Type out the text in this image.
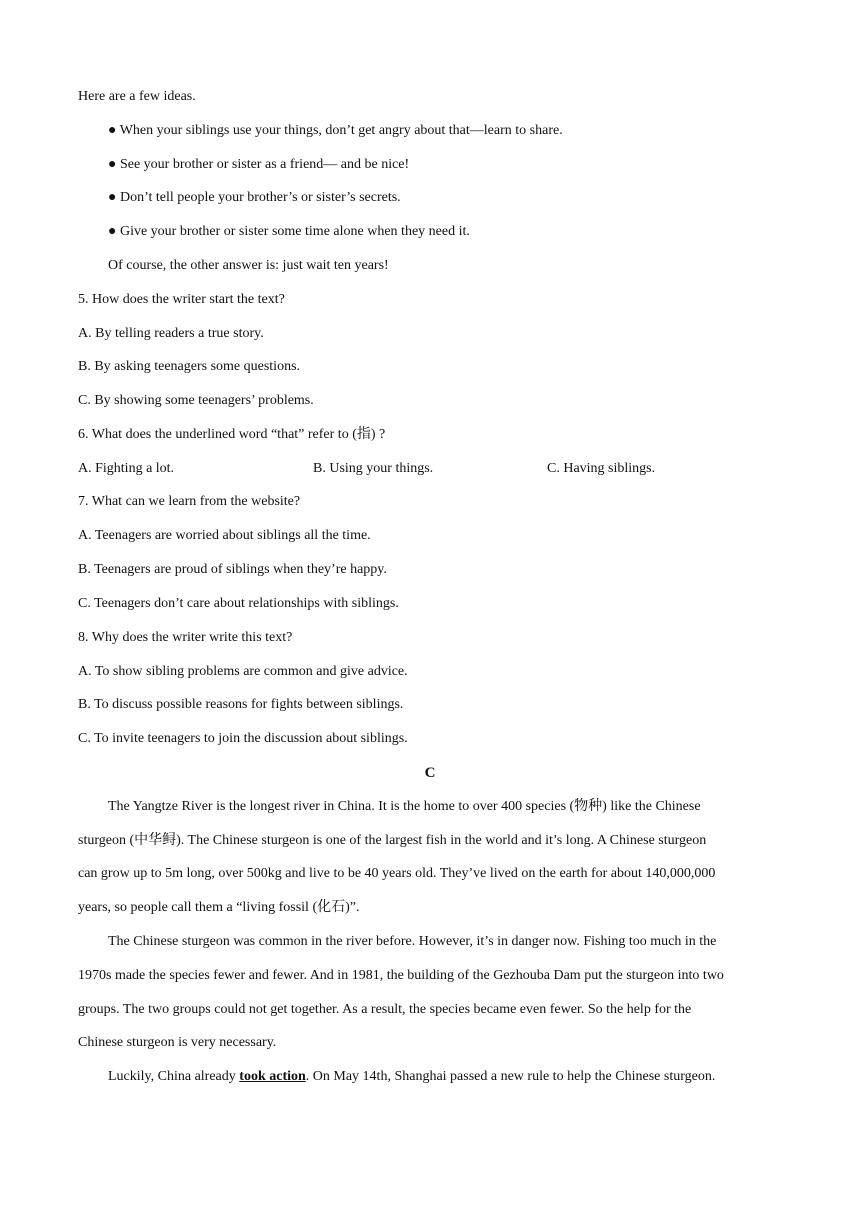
Here are a few ideas.
● When your siblings use your things, don’t get angry about that—learn to share.
● See your brother or sister as a friend— and be nice!
● Don’t tell people your brother’s or sister’s secrets.
● Give your brother or sister some time alone when they need it.
Of course, the other answer is: just wait ten years!
5. How does the writer start the text?
A. By telling readers a true story.
B. By asking teenagers some questions.
C. By showing some teenagers’ problems.
6. What does the underlined word “that” refer to (指) ?
A. Fighting a lot.	B. Using your things.	C. Having siblings.
7. What can we learn from the website?
A. Teenagers are worried about siblings all the time.
B. Teenagers are proud of siblings when they’re happy.
C. Teenagers don’t care about relationships with siblings.
8. Why does the writer write this text?
A. To show sibling problems are common and give advice.
B. To discuss possible reasons for fights between siblings.
C. To invite teenagers to join the discussion about siblings.
C
The Yangtze River is the longest river in China. It is the home to over 400 species (物种) like the Chinese
sturgeon (中华鲟). The Chinese sturgeon is one of the largest fish in the world and it’s long. A Chinese sturgeon
can grow up to 5m long, over 500kg and live to be 40 years old. They’ve lived on the earth for about 140,000,000
years, so people call them a “living fossil (化石)”.
The Chinese sturgeon was common in the river before. However, it’s in danger now. Fishing too much in the
1970s made the species fewer and fewer. And in 1981, the building of the Gezhouba Dam put the sturgeon into two
groups. The two groups could not get together. As a result, the species became even fewer. So the help for the
Chinese sturgeon is very necessary.
Luckily, China already took action. On May 14th, Shanghai passed a new rule to help the Chinese sturgeon.
